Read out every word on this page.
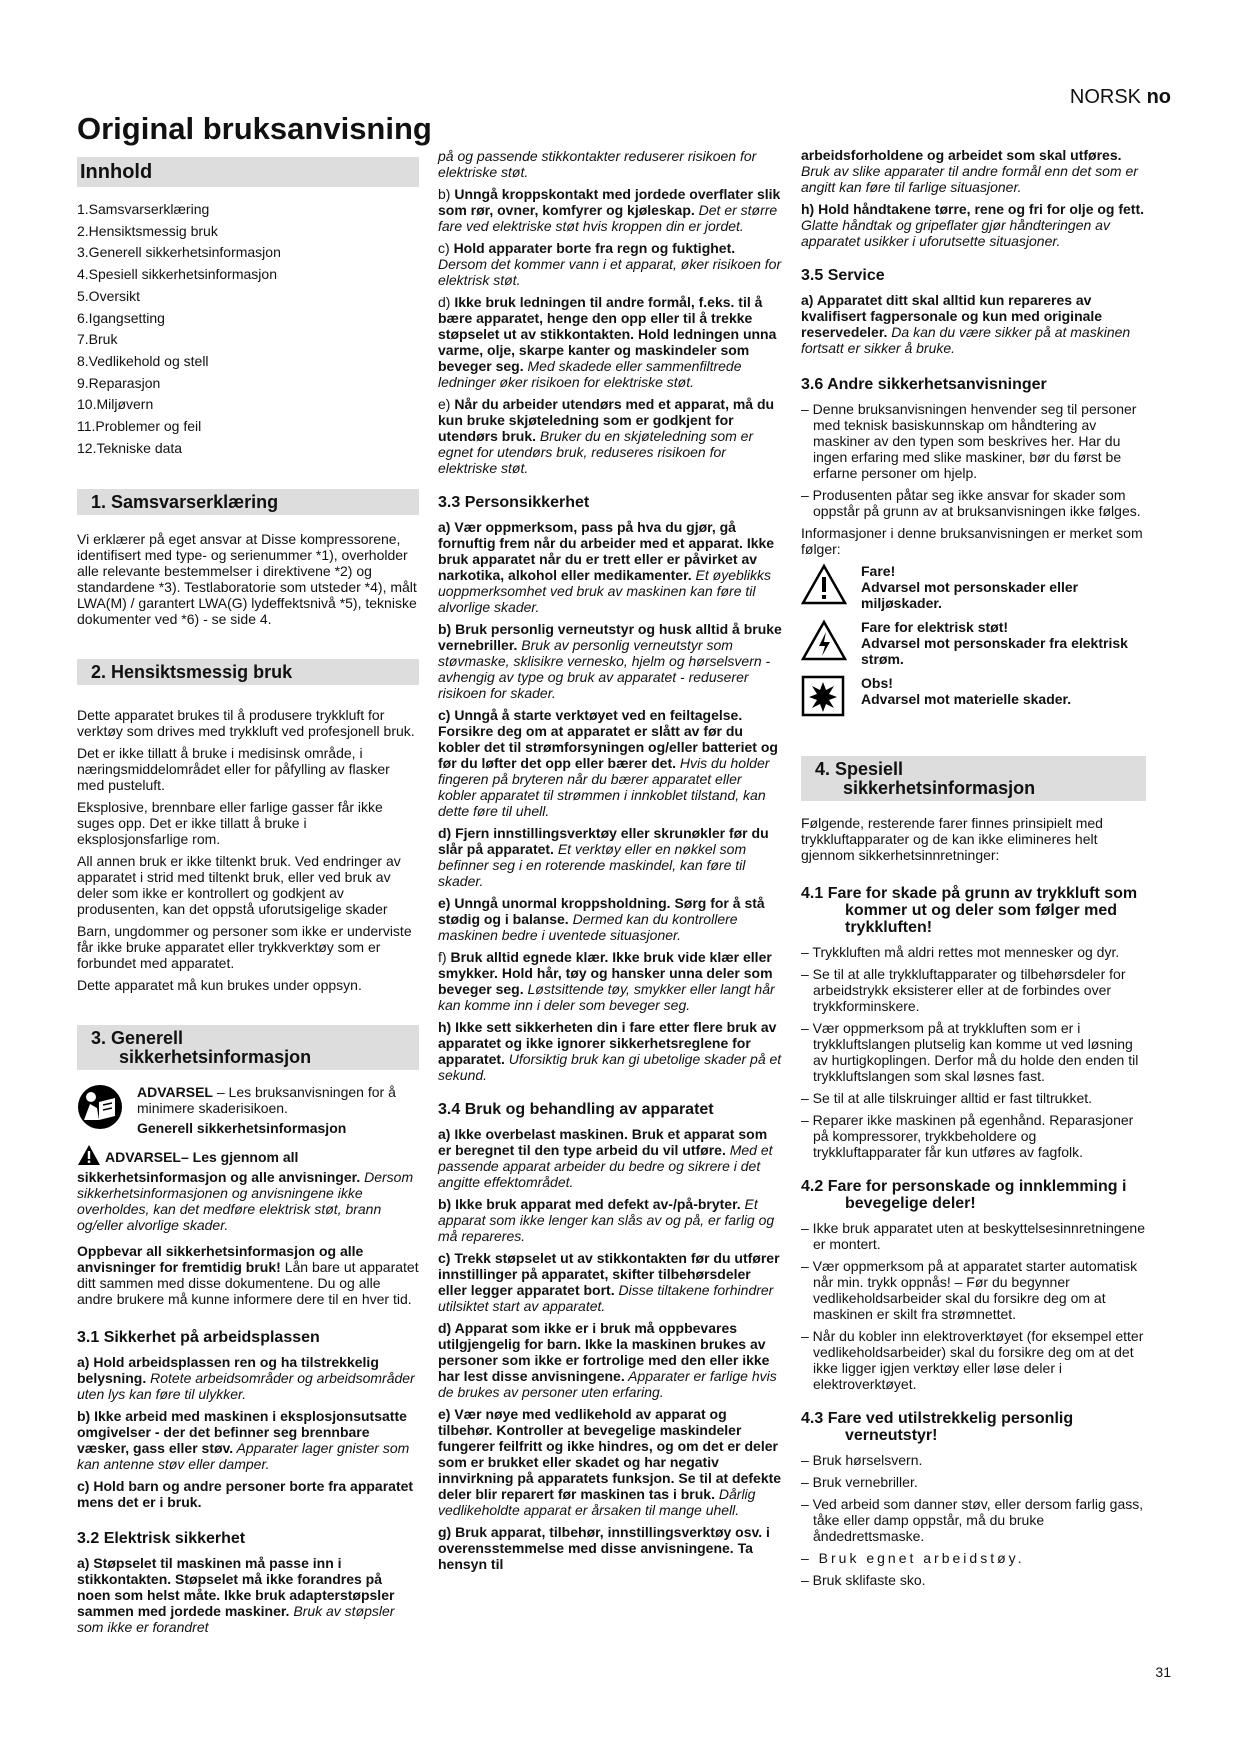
NORSK no
Original bruksanvisning
Innhold
1.Samsvarserklæring
2.Hensiktsmessig bruk
3.Generell sikkerhetsinformasjon
4.Spesiell sikkerhetsinformasjon
5.Oversikt
6.Igangsetting
7.Bruk
8.Vedlikehold og stell
9.Reparasjon
10.Miljøvern
11.Problemer og feil
12.Tekniske data
1. Samsvarserklæring

Vi erklærer på eget ansvar at Disse kompressorene, identifisert med type- og serienummer *1), overholder alle relevante bestemmelser i direktivene *2) og standardene *3). Testlaboratorie som utsteder *4), målt LWA(M) / garantert LWA(G) lydeffektsnivå *5), tekniske dokumenter ved *6) - se side 4.

2. Hensiktsmessig bruk

Dette apparatet brukes til å produsere trykkluft for verktøy som drives med trykkluft ved profesjonell bruk.

Det er ikke tillatt å bruke i medisinsk område, i næringsmiddelområdet eller for påfylling av flasker med pusteluft.

Eksplosive, brennbare eller farlige gasser får ikke suges opp. Det er ikke tillatt å bruke i eksplosjonsfarlige rom.

All annen bruk er ikke tiltenkt bruk. Ved endringer av apparatet i strid med tiltenkt bruk, eller ved bruk av deler som ikke er kontrollert og godkjent av produsenten, kan det oppstå uforutsigelige skader

Barn, ungdommer og personer som ikke er underviste får ikke bruke apparatet eller trykkverktøy som er forbundet med apparatet.

Dette apparatet må kun brukes under oppsyn.

3. Generell
sikkerhetsinformasjon
ADVARSEL – Les bruksanvisningen for å minimere skaderisikoen.
Generell sikkerhetsinformasjon

ADVARSEL– Les gjennom all sikkerhetsinformasjon og alle anvisninger. Dersom sikkerhetsinformasjonen og anvisningene ikke overholdes, kan det medføre elektrisk støt, brann og/eller alvorlige skader.

Oppbevar all sikkerhetsinformasjon og alle anvisninger for fremtidig bruk! Lån bare ut apparatet ditt sammen med disse dokumentene. Du og alle andre brukere må kunne informere dere til en hver tid.

3.1 Sikkerhet på arbeidsplassen

a) Hold arbeidsplassen ren og ha tilstrekkelig belysning. Rotete arbeidsområder og arbeidsområder uten lys kan føre til ulykker.

b) Ikke arbeid med maskinen i eksplosjonsutsatte omgivelser - der det befinner seg brennbare væsker, gass eller støv. Apparater lager gnister som kan antenne støv eller damper.

c) Hold barn og andre personer borte fra apparatet mens det er i bruk.

3.2 Elektrisk sikkerhet

a) Støpselet til maskinen må passe inn i stikkontakten. Støpselet må ikke forandres på noen som helst måte. Ikke bruk adapterstøpsler sammen med jordede maskiner. Bruk av støpsler som ikke er forandret

på og passende stikkontakter reduserer risikoen for elektriske støt.

b) Unngå kroppskontakt med jordede overflater slik som rør, ovner, komfyrer og kjøleskap. Det er større fare ved elektriske støt hvis kroppen din er jordet.

c) Hold apparater borte fra regn og fuktighet. Dersom det kommer vann i et apparat, øker risikoen for elektrisk støt.

d) Ikke bruk ledningen til andre formål, f.eks. til å bære apparatet, henge den opp eller til å trekke støpselet ut av stikkontakten. Hold ledningen unna varme, olje, skarpe kanter og maskindeler som beveger seg. Med skadede eller sammenfiltrede ledninger øker risikoen for elektriske støt.

e) Når du arbeider utendørs med et apparat, må du kun bruke skjøteledning som er godkjent for utendørs bruk. Bruker du en skjøteledning som er egnet for utendørs bruk, reduseres risikoen for elektriske støt.

3.3 Personsikkerhet

a) Vær oppmerksom, pass på hva du gjør, gå fornuftig frem når du arbeider med et apparat. Ikke bruk apparatet når du er trett eller er påvirket av narkotika, alkohol eller medikamenter. Et øyeblikks uoppmerksomhet ved bruk av maskinen kan føre til alvorlige skader.

b) Bruk personlig verneutstyr og husk alltid å bruke vernebriller. Bruk av personlig verneutstyr som støvmaske, sklisikre vernesko, hjelm og hørselsvern - avhengig av type og bruk av apparatet - reduserer risikoen for skader.

c) Unngå å starte verktøyet ved en feiltagelse. Forsikre deg om at apparatet er slått av før du kobler det til strømforsyningen og/eller batteriet og før du løfter det opp eller bærer det. Hvis du holder fingeren på bryteren når du bærer apparatet eller kobler apparatet til strømmen i innkoblet tilstand, kan dette føre til uhell.

d) Fjern innstillingsverktøy eller skrunøkler før du slår på apparatet. Et verktøy eller en nøkkel som befinner seg i en roterende maskindel, kan føre til skader.

e) Unngå unormal kroppsholdning. Sørg for å stå stødig og i balanse. Dermed kan du kontrollere maskinen bedre i uventede situasjoner.

f) Bruk alltid egnede klær. Ikke bruk vide klær eller smykker. Hold hår, tøy og hansker unna deler som beveger seg. Løstsittende tøy, smykker eller langt hår kan komme inn i deler som beveger seg.

h) Ikke sett sikkerheten din i fare etter flere bruk av apparatet og ikke ignorer sikkerhetsreglene for apparatet. Uforsiktig bruk kan gi ubetolige skader på et sekund.

3.4 Bruk og behandling av apparatet

a) Ikke overbelast maskinen. Bruk et apparat som er beregnet til den type arbeid du vil utføre. Med et passende apparat arbeider du bedre og sikrere i det angitte effektområdet.

b) Ikke bruk apparat med defekt av-/på-bryter. Et apparat som ikke lenger kan slås av og på, er farlig og må repareres.

c) Trekk støpselet ut av stikkontakten før du utfører innstillinger på apparatet, skifter tilbehørsdeler eller legger apparatet bort. Disse tiltakene forhindrer utilsiktet start av apparatet.

d) Apparat som ikke er i bruk må oppbevares utilgjengelig for barn. Ikke la maskinen brukes av personer som ikke er fortrolige med den eller ikke har lest disse anvisningene. Apparater er farlige hvis de brukes av personer uten erfaring.

e) Vær nøye med vedlikehold av apparat og tilbehør. Kontroller at bevegelige maskindeler fungerer feilfritt og ikke hindres, og om det er deler som er brukket eller skadet og har negativ innvirkning på apparatets funksjon. Se til at defekte deler blir reparert før maskinen tas i bruk. Dårlig vedlikeholdte apparat er årsaken til mange uhell.

g) Bruk apparat, tilbehør, innstillingsverktøy osv. i overensstemmelse med disse anvisningene. Ta hensyn til

arbeidsforholdene og arbeidet som skal utføres. Bruk av slike apparater til andre formål enn det som er angitt kan føre til farlige situasjoner.

h) Hold håndtakene tørre, rene og fri for olje og fett. Glatte håndtak og gripeflater gjør håndteringen av apparatet usikker i uforutsette situasjoner.

3.5 Service

a) Apparatet ditt skal alltid kun repareres av kvalifisert fagpersonale og kun med originale reservedeler. Da kan du være sikker på at maskinen fortsatt er sikker å bruke.

3.6 Andre sikkerhetsanvisninger

– Denne bruksanvisningen henvender seg til personer med teknisk basiskunnskap om håndtering av maskiner av den typen som beskrives her. Har du ingen erfaring med slike maskiner, bør du først be erfarne personer om hjelp.

– Produsenten påtar seg ikke ansvar for skader som oppstår på grunn av at bruksanvisningen ikke følges.

Informasjoner i denne bruksanvisningen er merket som følger:

Fare!
Advarsel mot personskader eller miljøskader.
Fare for elektrisk støt!
Advarsel mot personskader fra elektrisk strøm.
Obs!
Advarsel mot materielle skader.
4. Spesiell
sikkerhetsinformasjon

Følgende, resterende farer finnes prinsipielt med trykkluftapparater og de kan ikke elimineres helt gjennom sikkerhetsinnretninger:

4.1 Fare for skade på grunn av trykkluft som kommer ut og deler som følger med trykkluften!

– Trykkluften må aldri rettes mot mennesker og dyr.

– Se til at alle trykkluftapparater og tilbehørsdeler for arbeidstrykk eksisterer eller at de forbindes over trykkforminskere.

– Vær oppmerksom på at trykkluften som er i trykkluftslangen plutselig kan komme ut ved løsning av hurtigkoplingen. Derfor må du holde den enden til trykkluftslangen som skal løsnes fast.

– Se til at alle tilskruinger alltid er fast tiltrukket.

– Reparer ikke maskinen på egenhånd. Reparasjoner på kompressorer, trykkbeholdere og trykkluftapparater får kun utføres av fagfolk.

4.2 Fare for personskade og innklemming i bevegelige deler!

– Ikke bruk apparatet uten at beskyttelsesinnretningene er montert.

– Vær oppmerksom på at apparatet starter automatisk når min. trykk oppnås! – Før du begynner vedlikeholdsarbeider skal du forsikre deg om at maskinen er skilt fra strømnettet.

– Når du kobler inn elektroverktøyet (for eksempel etter vedlikeholdsarbeider) skal du forsikre deg om at det ikke ligger igjen verktøy eller løse deler i elektroverktøyet.

4.3 Fare ved utilstrekkelig personlig verneutstyr!

– Bruk hørselsvern.

– Bruk vernebriller.

– Ved arbeid som danner støv, eller dersom farlig gass, tåke eller damp oppstår, må du bruke åndedrettsmaske.

– Bruk egnet arbeidstøy.

– Bruk sklifaste sko.

31
